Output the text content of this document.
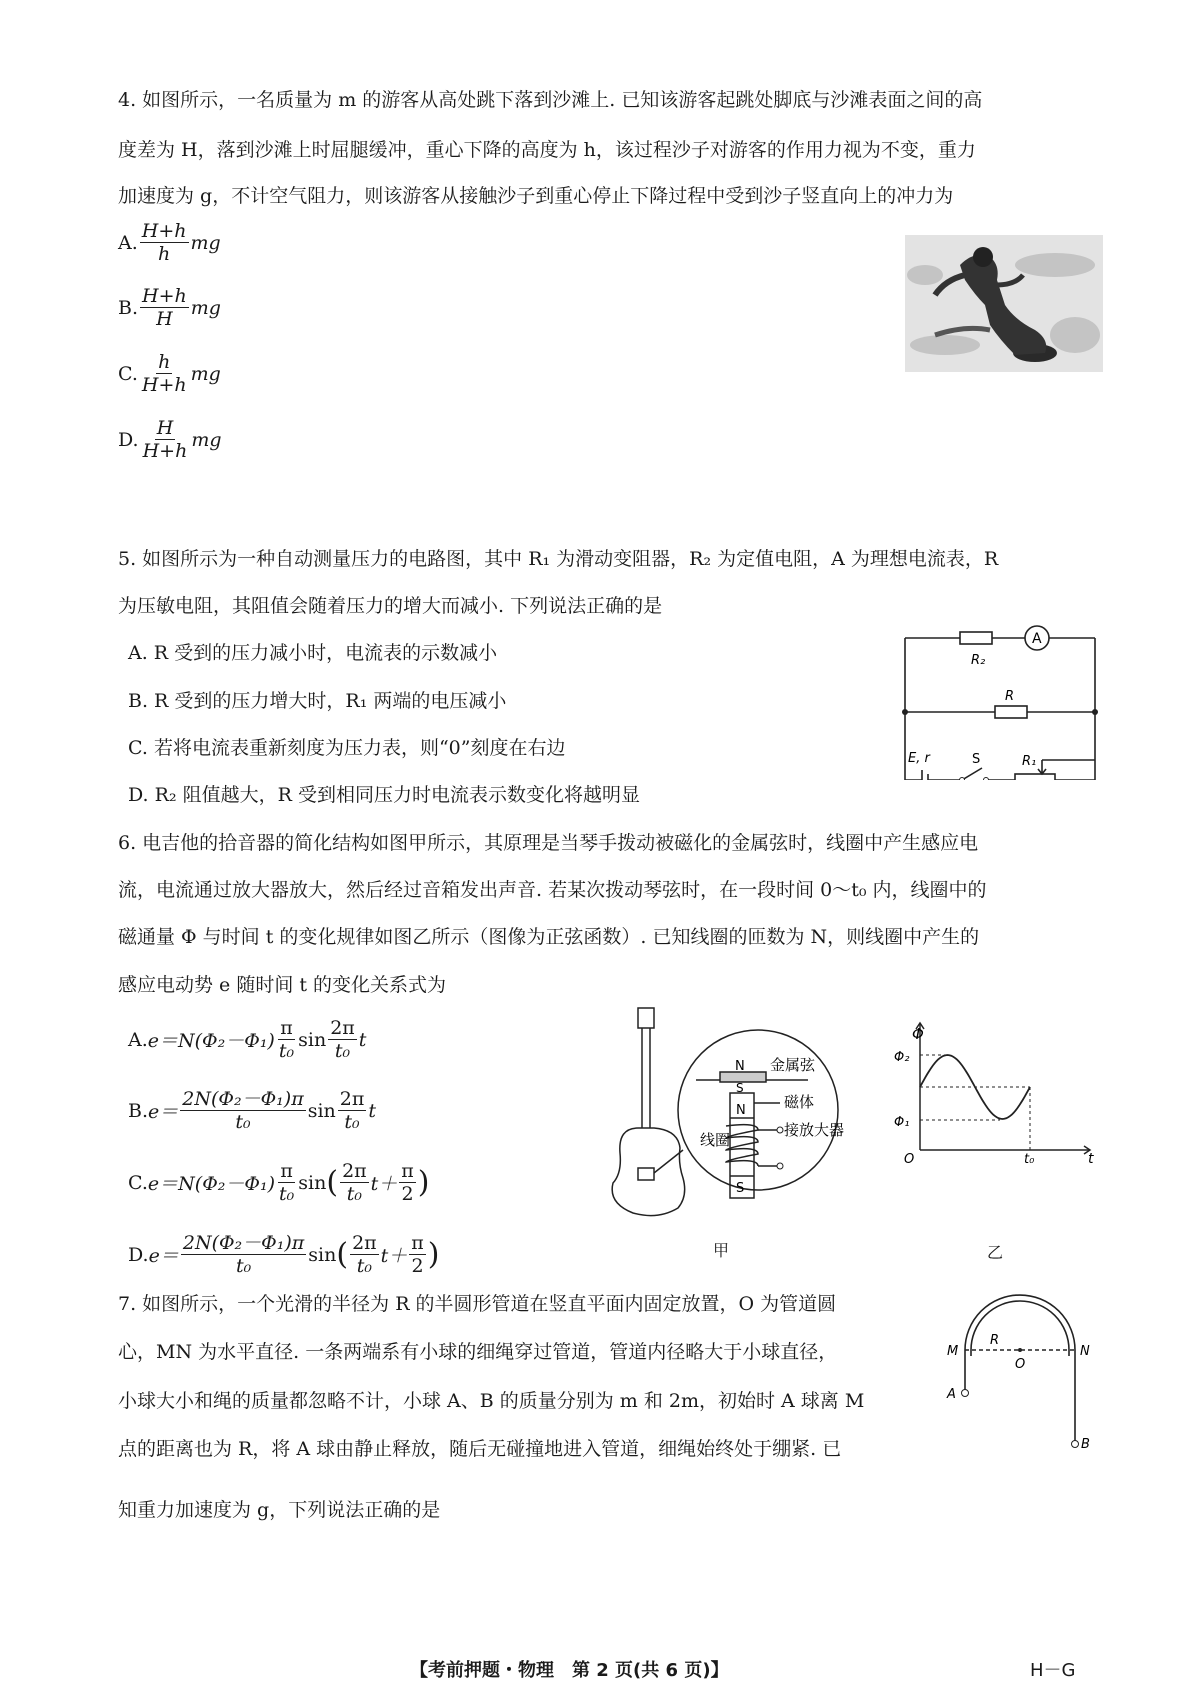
4. 如图所示，一名质量为 m 的游客从高处跳下落到沙滩上. 已知该游客起跳处脚底与沙滩表面之间的高
度差为 H，落到沙滩上时屈腿缓冲，重心下降的高度为 h，该过程沙子对游客的作用力视为不变，重力
加速度为 g，不计空气阻力，则该游客从接触沙子到重心停止下降过程中受到沙子竖直向上的冲力为
A. $\frac{H+h}{h}$ mg
B. $\frac{H+h}{H}$ mg
C. $\frac{h}{H+h}$ mg
D. $\frac{H}{H+h}$ mg
5. 如图所示为一种自动测量压力的电路图，其中 R₁ 为滑动变阻器，R₂ 为定值电阻，A 为理想电流表，R
为压敏电阻，其阻值会随着压力的增大而减小. 下列说法正确的是
A. R 受到的压力减小时，电流表的示数减小
B. R 受到的压力增大时，R₁ 两端的电压减小
C. 若将电流表重新刻度为压力表，则“0”刻度在右边
D. R₂ 阻值越大，R 受到相同压力时电流表示数变化将越明显
R₂
A
R
E, r	S	R₁
6. 电吉他的拾音器的简化结构如图甲所示，其原理是当琴手拨动被磁化的金属弦时，线圈中产生感应电
流，电流通过放大器放大，然后经过音箱发出声音. 若某次拨动琴弦时，在一段时间 0～t₀ 内，线圈中的
磁通量 Φ 与时间 t 的变化规律如图乙所示（图像为正弦函数）. 已知线圈的匝数为 N，则线圈中产生的
感应电动势 e 随时间 t 的变化关系式为
A. $e=N(\Phi_2-\Phi_1) \frac{\pi}{\text{t₀}}$ $\sin \frac{2\pi}{\text{t₀}}$ t
B. $e= \frac{\text{2N(Φ₂－Φ₁)π}}{\text{t₀}}$ $\sin \frac{2\pi}{\text{t₀}}$ t
C. $e=N(\Phi_2-\Phi_1) \frac{\pi}{\text{t₀}}$ sin ( $\frac{2\pi}{\text{t₀}} t+ \frac{\pi}{2}$ )
D. $e= \frac{\text{2N(Φ₂－Φ₁)π}}{\text{t₀}}$ sin ( $\frac{2\pi}{\text{t₀}} t+ \frac{\pi}{2}$ )
N 金属弦
S
磁体
N
线圈
接放大器
S
甲
Φ
Φ₂
Φ₁
O	t₀	t
乙
7. 如图所示，一个光滑的半径为 R 的半圆形管道在竖直平面内固定放置，O 为管道圆
心，MN 为水平直径. 一条两端系有小球的细绳穿过管道，管道内径略大于小球直径，
小球大小和绳的质量都忽略不计，小球 A、B 的质量分别为 m 和 2m，初始时 A 球离 M
点的距离也为 R，将 A 球由静止释放，随后无碰撞地进入管道，细绳始终处于绷紧. 已
知重力加速度为 g，下列说法正确的是
M
R
O
N
A
B
【考前押题・物理　第 2 页(共 6 页)】	H－G
